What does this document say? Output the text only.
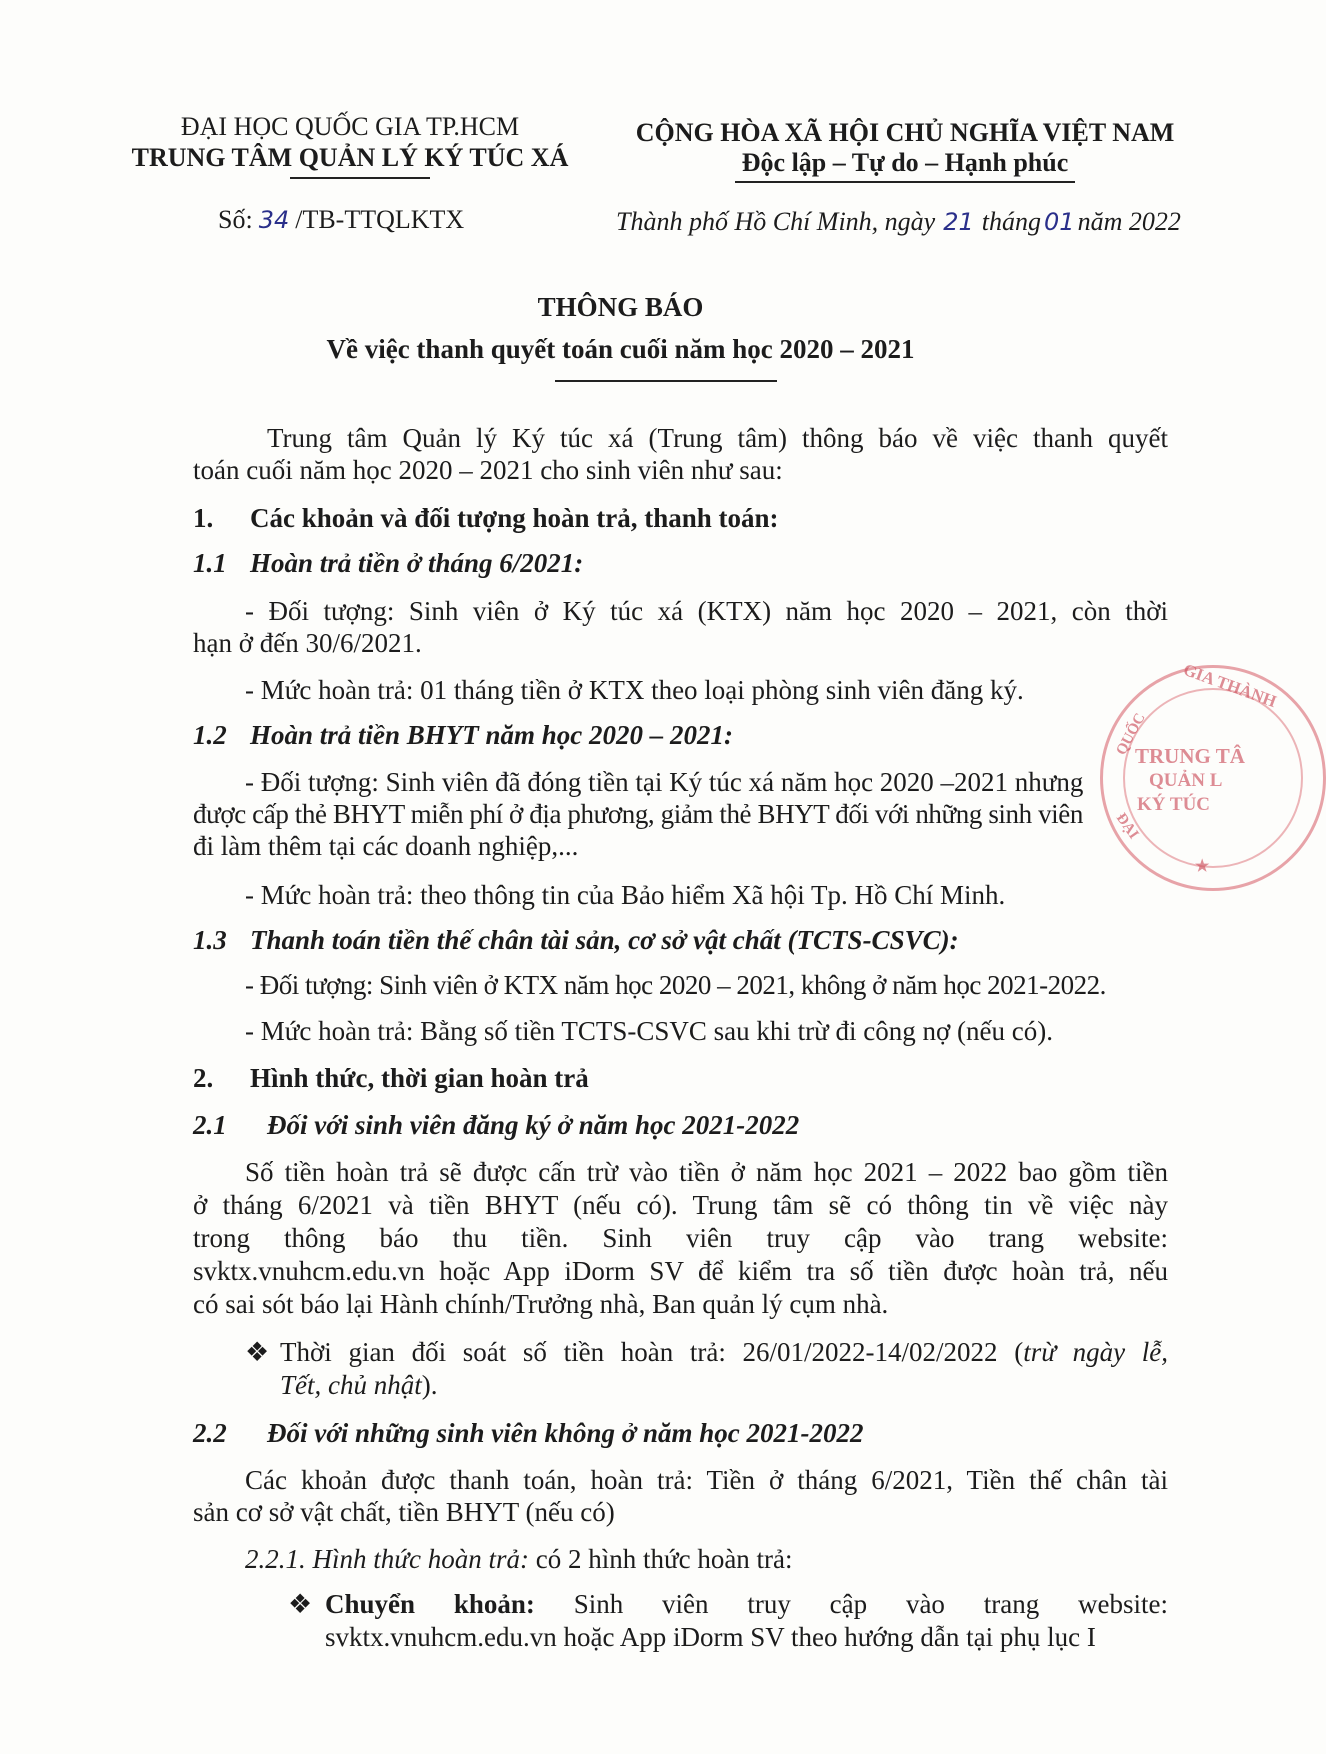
ĐẠI HỌC QUỐC GIA TP.HCM
TRUNG TÂM QUẢN LÝ KÝ TÚC XÁ
CỘNG HÒA XÃ HỘI CHỦ NGHĨA VIỆT NAM
Độc lập – Tự do – Hạnh phúc
Số: 34 /TB-TTQLKTX	Thành phố Hồ Chí Minh, ngày 21 tháng 01 năm 2022
THÔNG BÁO
Về việc thanh quyết toán cuối năm học 2020 – 2021
Trung tâm Quản lý Ký túc xá (Trung tâm) thông báo về việc thanh quyết
toán cuối năm học 2020 – 2021 cho sinh viên như sau:
1. Các khoản và đối tượng hoàn trả, thanh toán:
1.1 Hoàn trả tiền ở tháng 6/2021:
- Đối tượng: Sinh viên ở Ký túc xá (KTX) năm học 2020 – 2021, còn thời
hạn ở đến 30/6/2021.
- Mức hoàn trả: 01 tháng tiền ở KTX theo loại phòng sinh viên đăng ký.
1.2 Hoàn trả tiền BHYT năm học 2020 – 2021:
- Đối tượng: Sinh viên đã đóng tiền tại Ký túc xá năm học 2020 –2021 nhưng
được cấp thẻ BHYT miễn phí ở địa phương, giảm thẻ BHYT đối với những sinh viên
đi làm thêm tại các doanh nghiệp,...
- Mức hoàn trả: theo thông tin của Bảo hiểm Xã hội Tp. Hồ Chí Minh.
1.3 Thanh toán tiền thế chân tài sản, cơ sở vật chất (TCTS-CSVC):
- Đối tượng: Sinh viên ở KTX năm học 2020 – 2021, không ở năm học 2021-2022.
- Mức hoàn trả: Bằng số tiền TCTS-CSVC sau khi trừ đi công nợ (nếu có).
2. Hình thức, thời gian hoàn trả
2.1 Đối với sinh viên đăng ký ở năm học 2021-2022
Số tiền hoàn trả sẽ được cấn trừ vào tiền ở năm học 2021 – 2022 bao gồm tiền
ở tháng 6/2021 và tiền BHYT (nếu có). Trung tâm sẽ có thông tin về việc này
trong thông báo thu tiền. Sinh viên truy cập vào trang website:
svktx.vnuhcm.edu.vn hoặc App iDorm SV để kiểm tra số tiền được hoàn trả, nếu
có sai sót báo lại Hành chính/Trưởng nhà, Ban quản lý cụm nhà.
❖ Thời gian đối soát số tiền hoàn trả: 26/01/2022-14/02/2022 (trừ ngày lễ,
Tết, chủ nhật).
2.2 Đối với những sinh viên không ở năm học 2021-2022
Các khoản được thanh toán, hoàn trả: Tiền ở tháng 6/2021, Tiền thế chân tài
sản cơ sở vật chất, tiền BHYT (nếu có)
2.2.1. Hình thức hoàn trả: có 2 hình thức hoàn trả:
❖ Chuyển khoản: Sinh viên truy cập vào trang website:
svktx.vnuhcm.edu.vn hoặc App iDorm SV theo hướng dẫn tại phụ lục I
GIA THÀNH
QUỐC
TRUNG TÂ
QUẢN L
KÝ TÚC
ĐẠI
★
